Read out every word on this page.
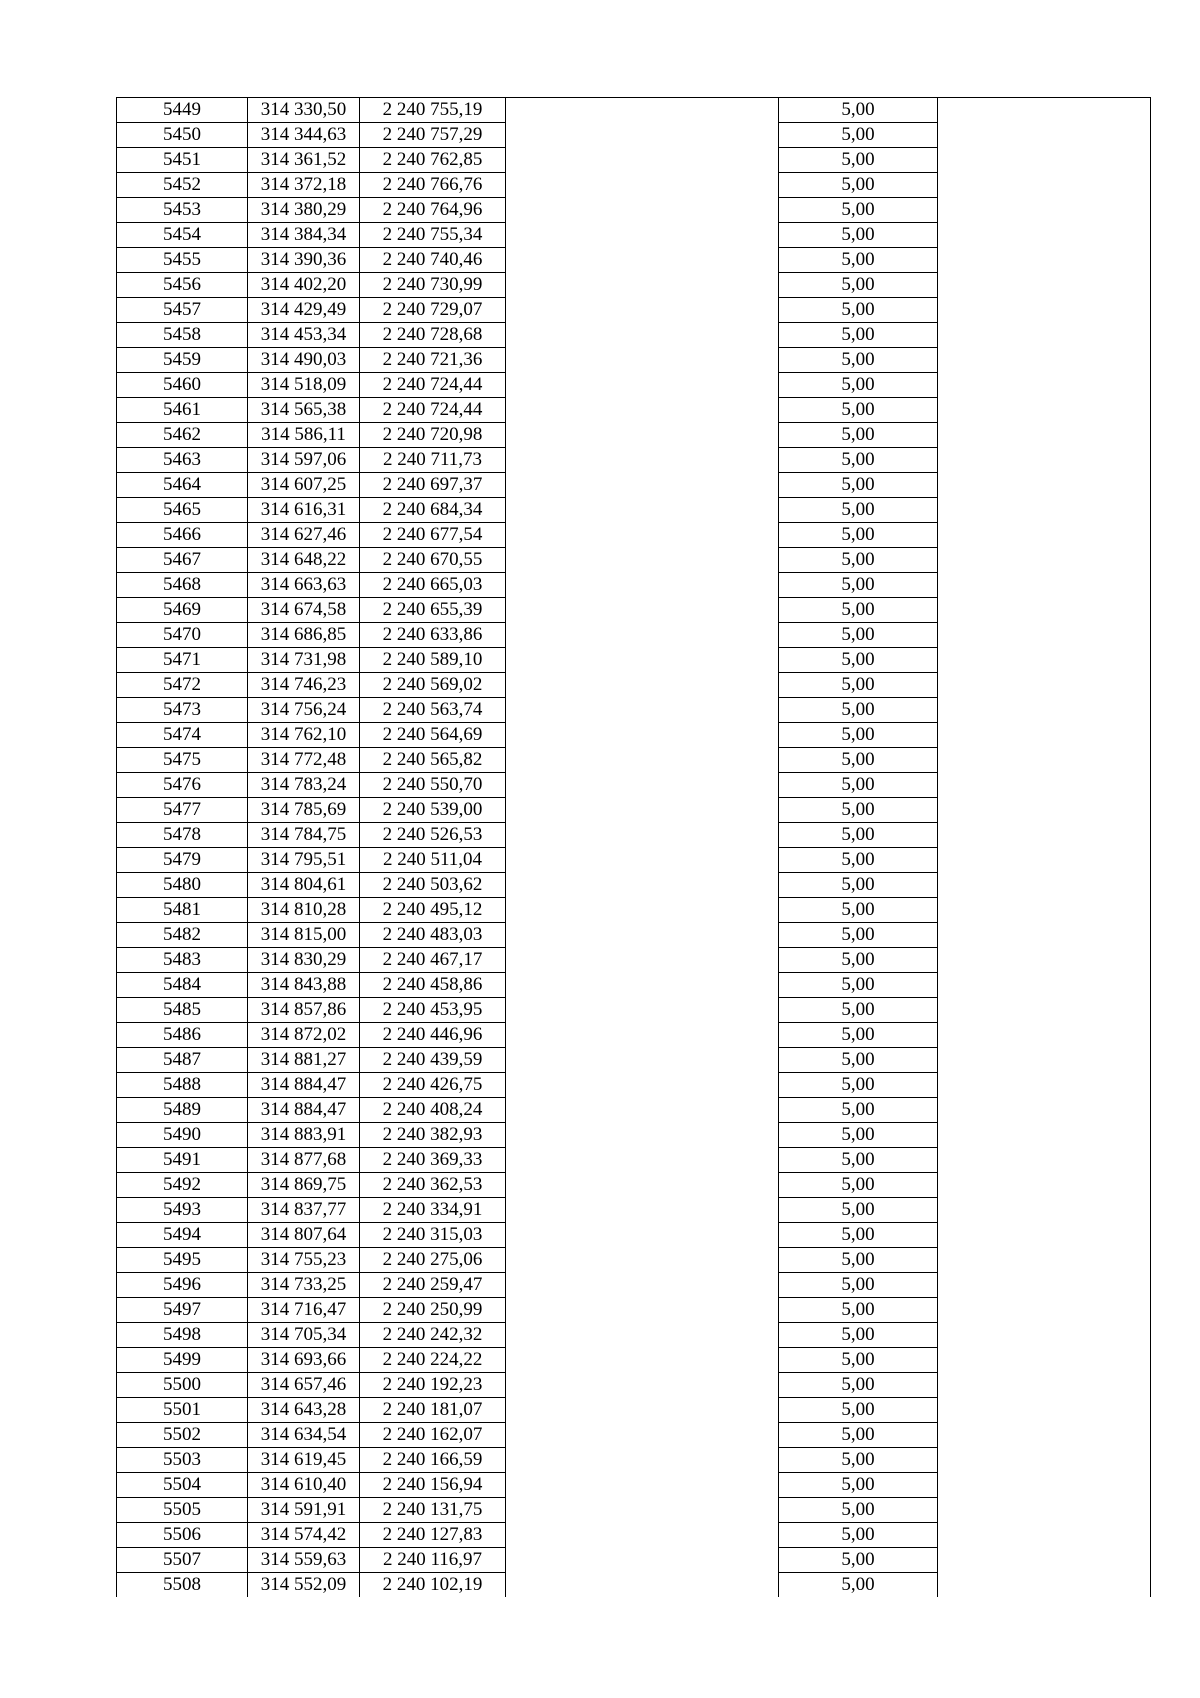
5449	314 330,50	2 240 755,19		5,00	
5450	314 344,63	2 240 757,29		5,00	
5451	314 361,52	2 240 762,85		5,00	
5452	314 372,18	2 240 766,76		5,00	
5453	314 380,29	2 240 764,96		5,00	
5454	314 384,34	2 240 755,34		5,00	
5455	314 390,36	2 240 740,46		5,00	
5456	314 402,20	2 240 730,99		5,00	
5457	314 429,49	2 240 729,07		5,00	
5458	314 453,34	2 240 728,68		5,00	
5459	314 490,03	2 240 721,36		5,00	
5460	314 518,09	2 240 724,44		5,00	
5461	314 565,38	2 240 724,44		5,00	
5462	314 586,11	2 240 720,98		5,00	
5463	314 597,06	2 240 711,73		5,00	
5464	314 607,25	2 240 697,37		5,00	
5465	314 616,31	2 240 684,34		5,00	
5466	314 627,46	2 240 677,54		5,00	
5467	314 648,22	2 240 670,55		5,00	
5468	314 663,63	2 240 665,03		5,00	
5469	314 674,58	2 240 655,39		5,00	
5470	314 686,85	2 240 633,86		5,00	
5471	314 731,98	2 240 589,10		5,00	
5472	314 746,23	2 240 569,02		5,00	
5473	314 756,24	2 240 563,74		5,00	
5474	314 762,10	2 240 564,69		5,00	
5475	314 772,48	2 240 565,82		5,00	
5476	314 783,24	2 240 550,70		5,00	
5477	314 785,69	2 240 539,00		5,00	
5478	314 784,75	2 240 526,53		5,00	
5479	314 795,51	2 240 511,04		5,00	
5480	314 804,61	2 240 503,62		5,00	
5481	314 810,28	2 240 495,12		5,00	
5482	314 815,00	2 240 483,03		5,00	
5483	314 830,29	2 240 467,17		5,00	
5484	314 843,88	2 240 458,86		5,00	
5485	314 857,86	2 240 453,95		5,00	
5486	314 872,02	2 240 446,96		5,00	
5487	314 881,27	2 240 439,59		5,00	
5488	314 884,47	2 240 426,75		5,00	
5489	314 884,47	2 240 408,24		5,00	
5490	314 883,91	2 240 382,93		5,00	
5491	314 877,68	2 240 369,33		5,00	
5492	314 869,75	2 240 362,53		5,00	
5493	314 837,77	2 240 334,91		5,00	
5494	314 807,64	2 240 315,03		5,00	
5495	314 755,23	2 240 275,06		5,00	
5496	314 733,25	2 240 259,47		5,00	
5497	314 716,47	2 240 250,99		5,00	
5498	314 705,34	2 240 242,32		5,00	
5499	314 693,66	2 240 224,22		5,00	
5500	314 657,46	2 240 192,23		5,00	
5501	314 643,28	2 240 181,07		5,00	
5502	314 634,54	2 240 162,07		5,00	
5503	314 619,45	2 240 166,59		5,00	
5504	314 610,40	2 240 156,94		5,00	
5505	314 591,91	2 240 131,75		5,00	
5506	314 574,42	2 240 127,83		5,00	
5507	314 559,63	2 240 116,97		5,00	
5508	314 552,09	2 240 102,19		5,00	
